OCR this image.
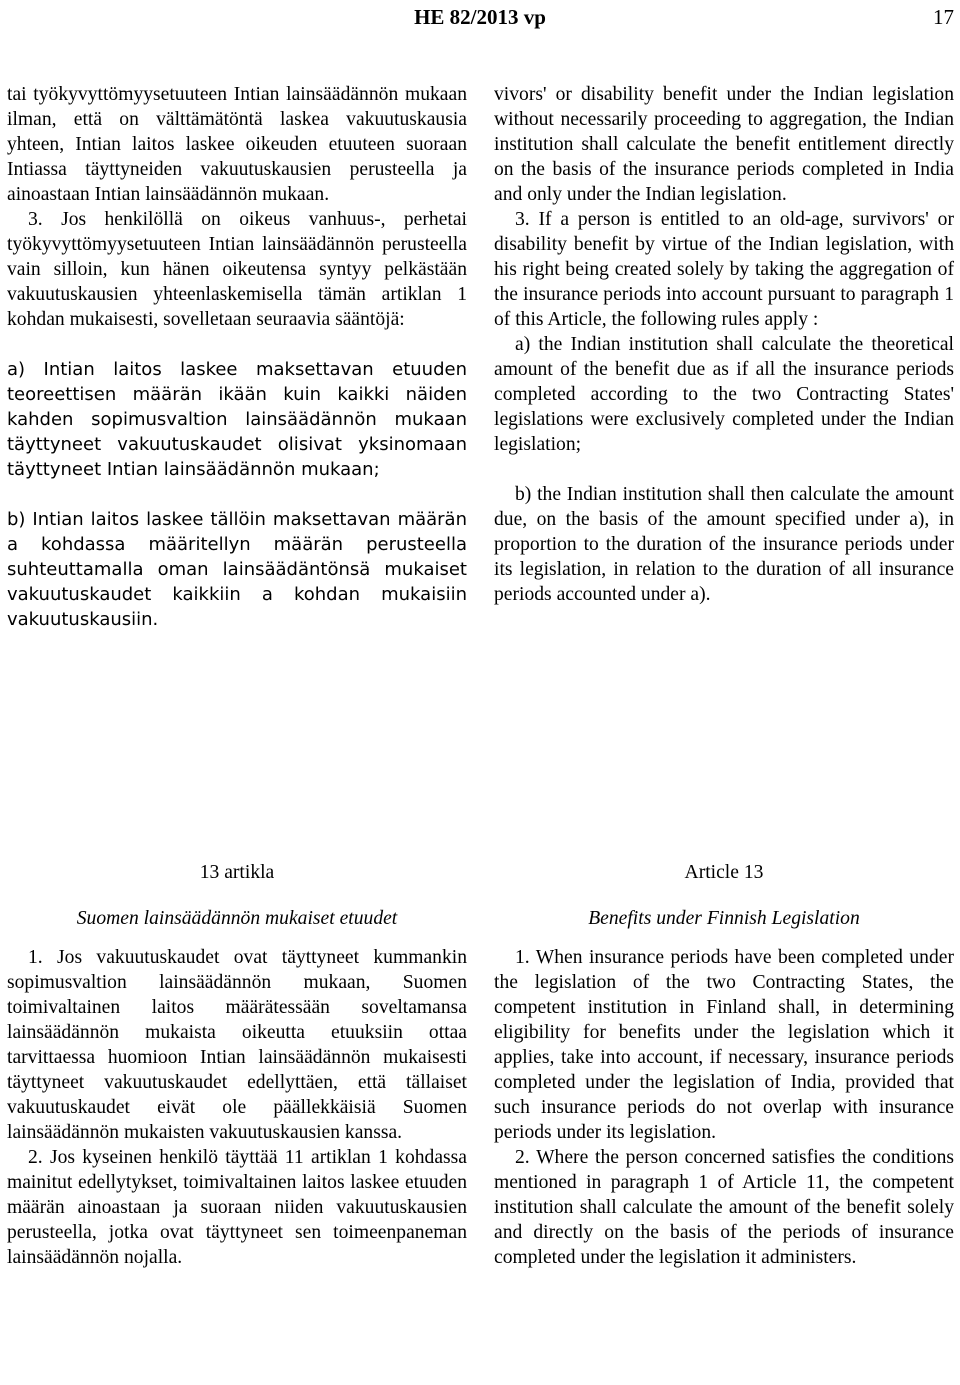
HE 82/2013 vp	17

tai työkyvyttömyysetuuteen Intian lainsäädännön mukaan ilman, että on välttämätöntä laskea vakuutuskausia yhteen, Intian laitos laskee oikeuden etuuteen suoraan Intiassa täyttyneiden vakuutuskausien perusteella ja ainoastaan Intian lainsäädännön mukaan.

3. Jos henkilöllä on oikeus vanhuus-, perhetai työkyvyttömyysetuuteen Intian lainsäädännön perusteella vain silloin, kun hänen oikeutensa syntyy pelkästään vakuutuskausien yhteenlaskemisella tämän artiklan 1 kohdan mukaisesti, sovelletaan seuraavia sääntöjä:

a) Intian laitos laskee maksettavan etuuden teoreettisen määrän ikään kuin kaikki näiden kahden sopimusvaltion lainsäädännön mukaan täyttyneet vakuutuskaudet olisivat yksinomaan täyttyneet Intian lainsäädännön mukaan;

b) Intian laitos laskee tällöin maksettavan määrän a kohdassa määritellyn määrän perusteella suhteuttamalla oman lainsäädäntönsä mukaiset vakuutuskaudet kaikkiin a kohdan mukaisiin vakuutuskausiin.

vivors' or disability benefit under the Indian legislation without necessarily proceeding to aggregation, the Indian institution shall calculate the benefit entitlement directly on the basis of the insurance periods completed in India and only under the Indian legislation.

3. If a person is entitled to an old-age, survivors' or disability benefit by virtue of the Indian legislation, with his right being created solely by taking the aggregation of the insurance periods into account pursuant to paragraph 1 of this Article, the following rules apply :

a) the Indian institution shall calculate the theoretical amount of the benefit due as if all the insurance periods completed according to the two Contracting States' legislations were exclusively completed under the Indian legislation;

b) the Indian institution shall then calculate the amount due, on the basis of the amount specified under a), in proportion to the duration of the insurance periods under its legislation, in relation to the duration of all insurance periods accounted under a).

13 artikla

Suomen lainsäädännön mukaiset etuudet

1. Jos vakuutuskaudet ovat täyttyneet kummankin sopimusvaltion lainsäädännön mukaan, Suomen toimivaltainen laitos määrätessään soveltamansa lainsäädännön mukaista oikeutta etuuksiin ottaa tarvittaessa huomioon Intian lainsäädännön mukaisesti täyttyneet vakuutuskaudet edellyttäen, että tällaiset vakuutuskaudet eivät ole päällekkäisiä Suomen lainsäädännön mukaisten vakuutuskausien kanssa.

2. Jos kyseinen henkilö täyttää 11 artiklan 1 kohdassa mainitut edellytykset, toimivaltainen laitos laskee etuuden määrän ainoastaan ja suoraan niiden vakuutuskausien perusteella, jotka ovat täyttyneet sen toimeenpaneman lainsäädännön nojalla.

Article 13

Benefits under Finnish Legislation

1. When insurance periods have been completed under the legislation of the two Contracting States, the competent institution in Finland shall, in determining eligibility for benefits under the legislation which it applies, take into account, if necessary, insurance periods completed under the legislation of India, provided that such insurance periods do not overlap with insurance periods under its legislation.

2. Where the person concerned satisfies the conditions mentioned in paragraph 1 of Article 11, the competent institution shall calculate the amount of the benefit solely and directly on the basis of the periods of insurance completed under the legislation it administers.
